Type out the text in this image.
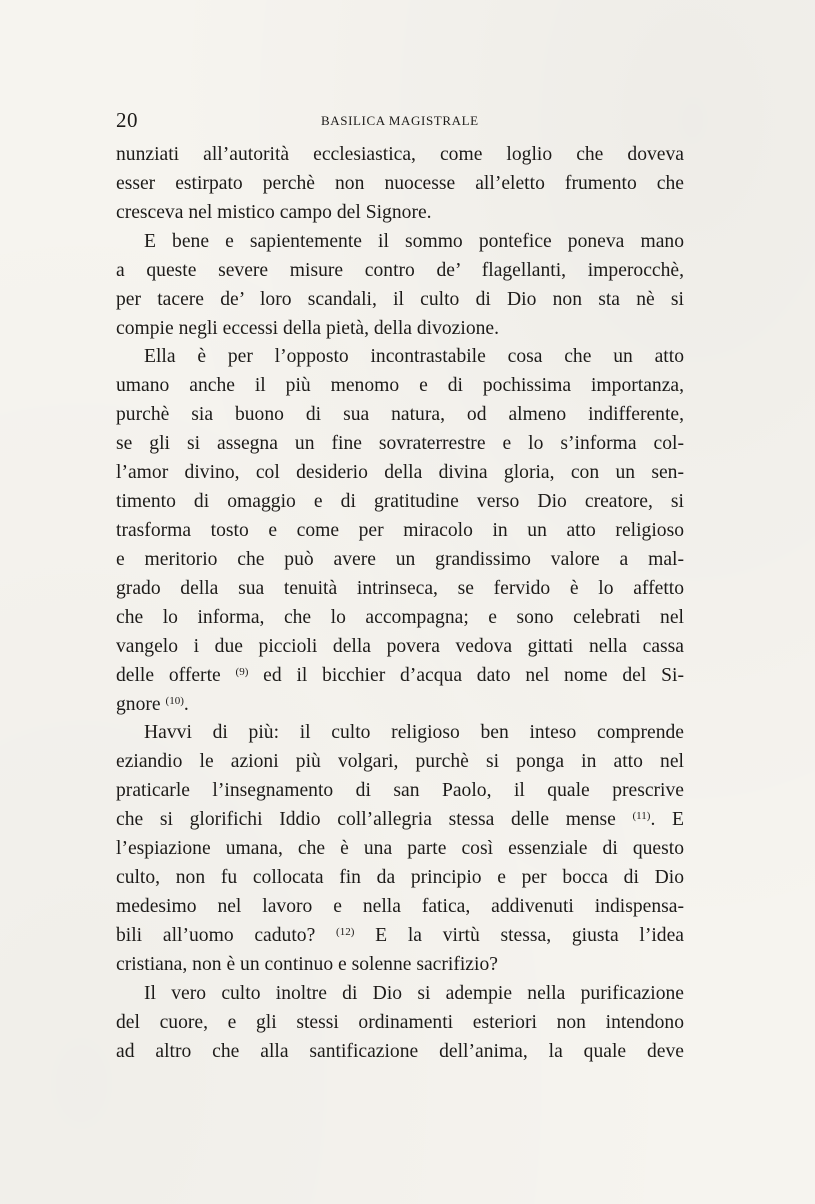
20	BASILICA MAGISTRALE
nunziati all’autorità ecclesiastica, come loglio che doveva
esser estirpato perchè non nuocesse all’eletto frumento che
cresceva nel mistico campo del Signore.
E bene e sapientemente il sommo pontefice poneva mano
a queste severe misure contro de’ flagellanti, imperocchè,
per tacere de’ loro scandali, il culto di Dio non sta nè si
compie negli eccessi della pietà, della divozione.
Ella è per l’opposto incontrastabile cosa che un atto
umano anche il più menomo e di pochissima importanza,
purchè sia buono di sua natura, od almeno indifferente,
se gli si assegna un fine sovraterrestre e lo s’informa col-
l’amor divino, col desiderio della divina gloria, con un sen-
timento di omaggio e di gratitudine verso Dio creatore, si
trasforma tosto e come per miracolo in un atto religioso
e meritorio che può avere un grandissimo valore a mal-
grado della sua tenuità intrinseca, se fervido è lo affetto
che lo informa, che lo accompagna; e sono celebrati nel
vangelo i due piccioli della povera vedova gittati nella cassa
delle offerte $^{(9)}$ ed il bicchier d’acqua dato nel nome del Si-
gnore $^{(10)}$.
Havvi di più: il culto religioso ben inteso comprende
eziandio le azioni più volgari, purchè si ponga in atto nel
praticarle l’insegnamento di san Paolo, il quale prescrive
che si glorifichi Iddio coll’allegria stessa delle mense $^{(11)}$. E
l’espiazione umana, che è una parte così essenziale di questo
culto, non fu collocata fin da principio e per bocca di Dio
medesimo nel lavoro e nella fatica, addivenuti indispensa-
bili all’uomo caduto? $^{(12)}$ E la virtù stessa, giusta l’idea
cristiana, non è un continuo e solenne sacrifizio?
Il vero culto inoltre di Dio si adempie nella purificazione
del cuore, e gli stessi ordinamenti esteriori non intendono
ad altro che alla santificazione dell’anima, la quale deve
